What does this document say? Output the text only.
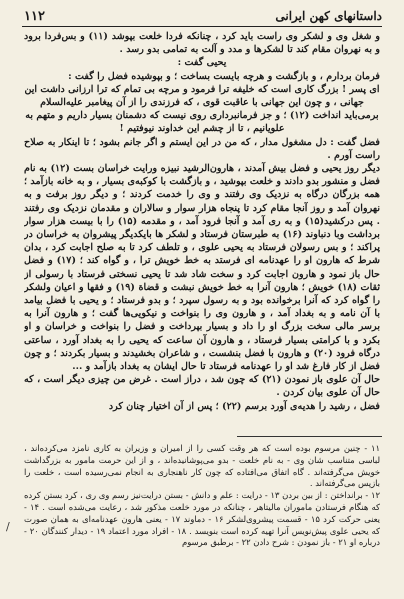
۱۱۲	داستانهای کهن ایرانی

و شغل وی و لشکر وی راست باید کرد ، چنانکه فردا خلعت بپوشد (۱۱) و بس‌فردا برود و به نهروان مقام کند تا لشکرها و مدد و آلت به تمامی بدو رسد .

یحیی گفت :

فرمان بردارم ، و بازگشت و هرچه بایست بساخت ؛ و بپوشیده فضل را گفت :

ای پسر ! بزرگ کاری است که خلیفه ترا فرمود و مرچه بی تمام که ترا ارزانی داشت این جهانی ، و چون این جهانی با عاقبت قوی ، که فرزندی را از آن پیغامبر علیه‌السلام برمی‌باید انداخت (۱۲) ؛ و جز فرمانبرداری روی نیست که دشمنان بسیار داریم و متهم به علویانیم ، تا از چشم این خداوند نیوفتیم !

فضل گفت : دل مشغول مدار ، که من در این ایستم و اگر جانم بشود ؛ تا اینکار به صلاح راست آورم .

دیگر روز یحیی و فضل بیش آمدند ، هارون‌الرشید نبیزه ورایت خراسان بست (۱۲) به نام فضل و منشور بدو دادند و خلعت بپوشید ، و بازگشت با کوکبه‌ی بسیار ، و به خانه بازآمد ؛ همه بزرگان درگاه به نزدیک وی رفتند و وی را خدمت کردند ؛ و دیگر روز برفت و به نهروان آمد و روز آنجا مقام کرد تا پنجاه هزار سوار و سالاران و مقدمان نزدیک وی رفتند . پس درکشید(۱۵) و به ری آمد و آنجا فرود آمد ، و مقدمه (۱۵) را با بیست هزار سوار برداشت وبا دنباوند (۱۶) به طبرستان فرستاد و لشکر ها بایکدیگر پیشروان به خراسان در پراکند ؛ و بس رسولان فرستاد به یحیی علوی ، و تلطف کرد تا به صلح اجابت کرد ، بدان شرط که هارون او را عهدنامه ای فرستد به خط خویش ترا ، و گواه کند ؛ (۱۷) و فضل حال باز نمود و هارون اجابت کرد و سخت شاد شد تا یحیی نسختی فرستاد با رسولی از ثقات (۱۸) خویش ؛ هارون آنرا به خط خویش نبشت و قضاة (۱۹) و فقها و اعیان ولشکر را گواه کرد که آنرا برخوانده بود و به رسول سپرد ؛ و بدو فرستاد ؛ و یحیی با فضل بیامد با آن نامه و به بغداد آمد ، و هارون وی را بنواخت و نیکویی‌ها گفت ؛ و هارون آنرا به برسر مالی سخت بزرگ او را داد و بسیار بپرداخت و فضل را بنواخت و خراسان و او بکرد و با کرامتی بسیار فرستاد ، و هارون آن ساعت که یحیی را به بغداد آورد ، ساعتی درگاه فرود (۲۰) و هارون با فضل بنشست ، و شاعران بخشیدند و بسیار بکردند ؛ و چون فضل از کار فارغ شد او را عهدنامه فرستاد تا حال ایشان به بغداد بازآمد و ...

حال آن علوی باز نمودن (۲۱) که چون شد ، دراز است . غرض من چیزی دیگر است ، که حال آن علوی بیان کردن .

فضل ، رشید را هدیه‌ی آورد برسم (۲۲) ؛ پس از آن اختیار چنان کرد

۱۱ - چنین مرسوم بوده است که هر وقت کسی را از امیران و وزیران به کاری نامزد می‌کرده‌اند ، لباسی متناسب شان وی - به نام خلعت - بدو می‌پوشانیده‌اند ، و از این حرمت مامور به بزرگداشت خویش می‌گرفته‌اند . گاه اتفاق می‌افتاده که چون کار ناهنجاری به انجام نمی‌رسیده است ، خلعت را بازپس می‌گرفته‌اند .

۱۲ - برانداختن : از بین بردن ۱۳ - درایت : علم و دانش - بستن درایت‌نیز رسم وی ری ، کرد بستن کرده که هنگام فرستادن ماموران مالیتاهر ، چنانکه در مورد خلعت مذکور شد ، رعایت می‌شده است . ۱۴ - یعنی حرکت کرد ۱۵ - قسمت پیشروی‌لشکر ۱۶ - دماوند ۱۷ - یعنی هارون عهدنامه‌ای به همان صورت که یحیی علوی پیش‌نویس آنرا تهیه کرده است بنویسد . ۱۸ - افراد مورد اعتماد ۱۹ - دیدار کنندگان ۲۰ - درباره او ۲۱ - باز نمودن : شرح دادن ۲۲ - برطبق مرسوم

/
